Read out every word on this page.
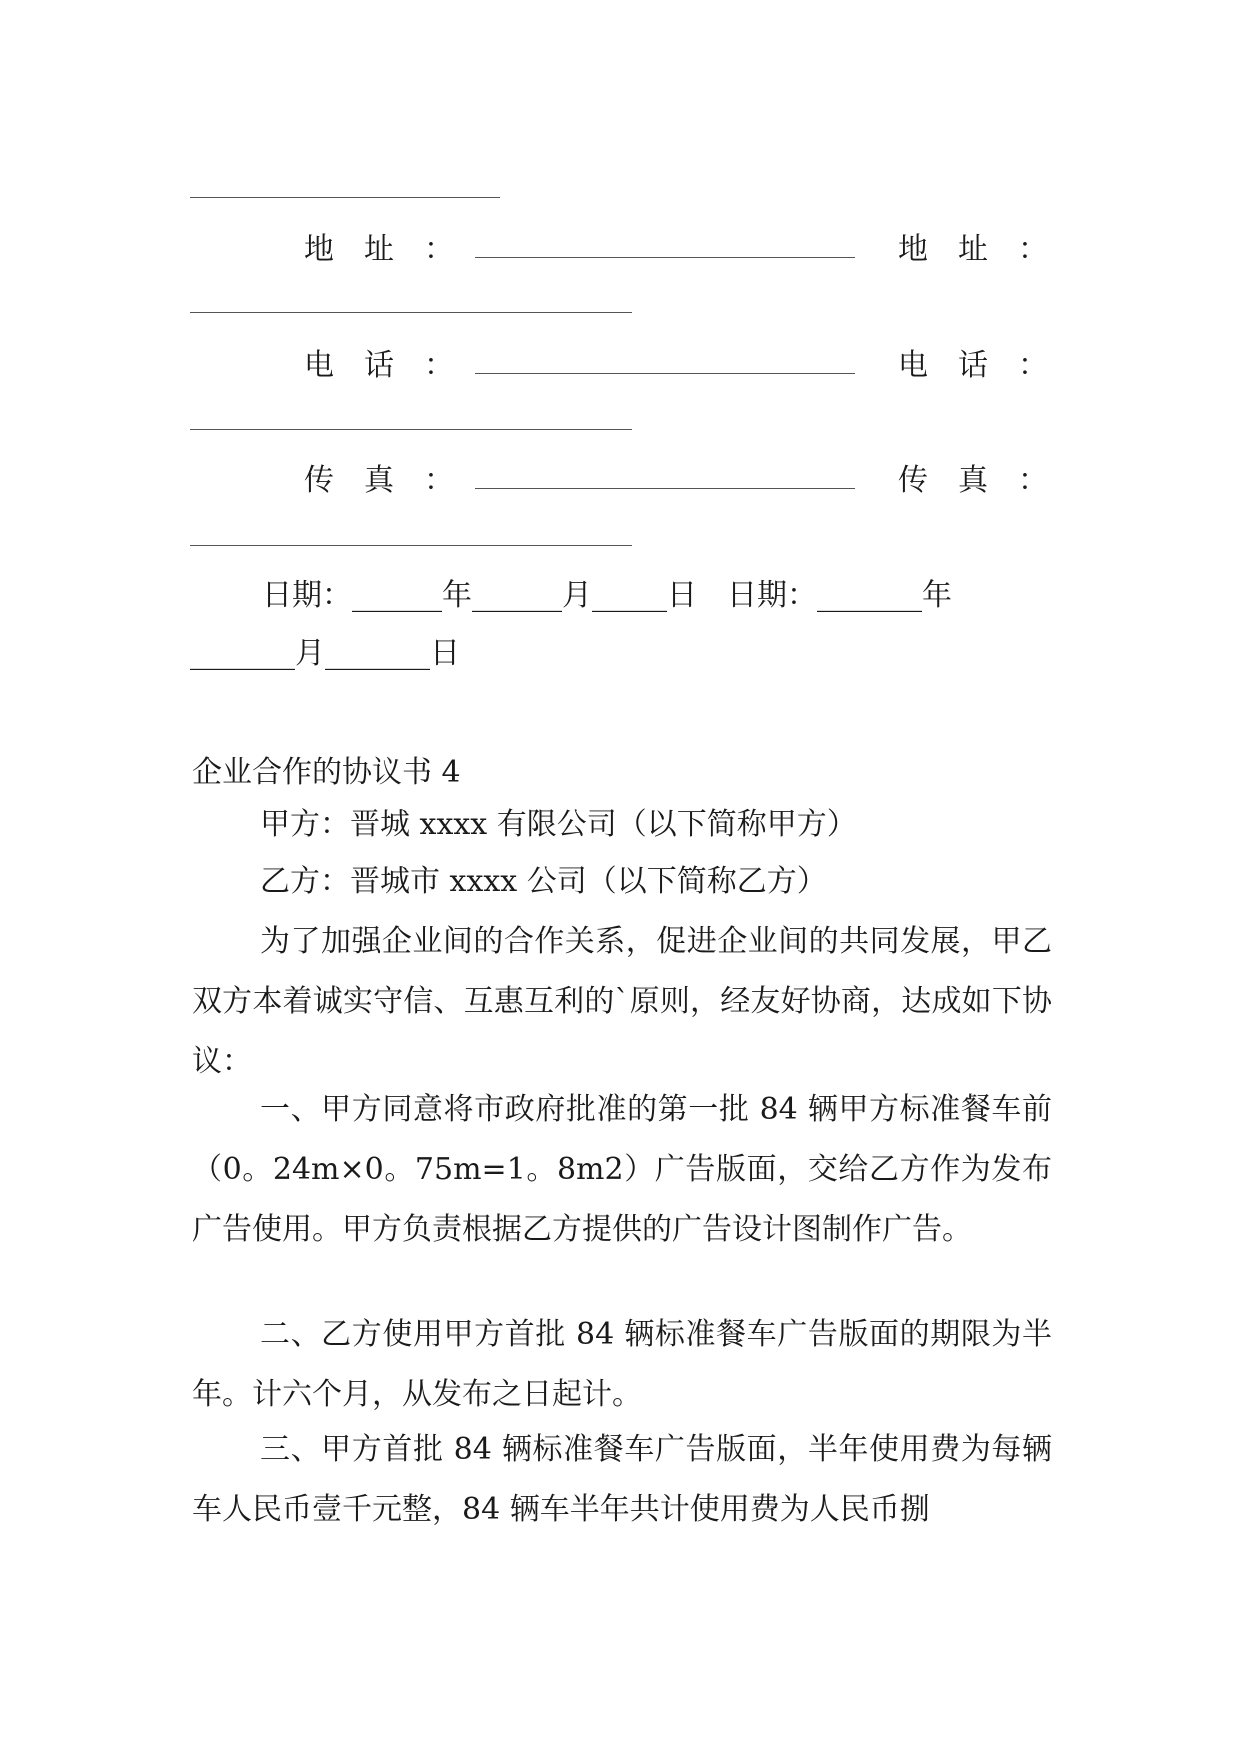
地　址　：	地　址　：
电　话　：	电　话　：
传　真　：	传　真　：
日期：______年______月_____日　日期：_______年
_______月_______日
企业合作的协议书 4
甲方：晋城 xxxx 有限公司（以下简称甲方）
乙方：晋城市 xxxx 公司（以下简称乙方）
为了加强企业间的合作关系，促进企业间的共同发展，甲乙双方本着诚实守信、互惠互利的`原则，经友好协商，达成如下协议：
一、甲方同意将市政府批准的第一批 84 辆甲方标准餐车前（0。24m×0。75m=1。8m2）广告版面，交给乙方作为发布广告使用。甲方负责根据乙方提供的广告设计图制作广告。
二、乙方使用甲方首批 84 辆标准餐车广告版面的期限为半年。计六个月，从发布之日起计。
三、甲方首批 84 辆标准餐车广告版面，半年使用费为每辆车人民币壹千元整，84 辆车半年共计使用费为人民币捌
